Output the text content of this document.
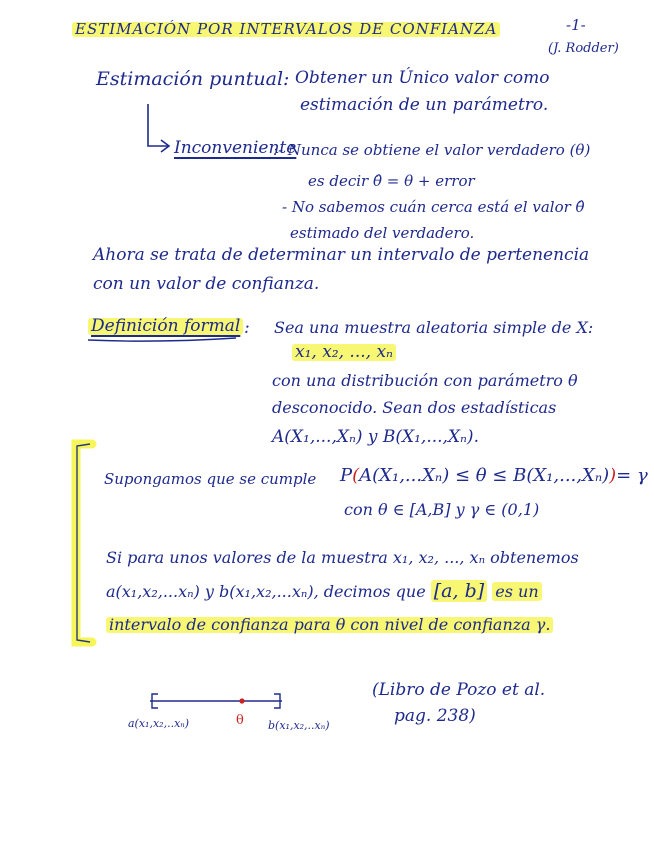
ESTIMACIÓN POR INTERVALOS DE CONFIANZA	-1-
(J. Rodder)
Estimación puntual: Obtener un Único valor como
estimación de un parámetro.
Inconveniente
:- Nunca se obtiene el valor verdadero (θ)
es decir θ̂ = θ + error
- No sabemos cuán cerca está el valor θ̂
estimado del verdadero.
Ahora se trata de determinar un intervalo de pertenencia
con un valor de confianza.
Definición formal : Sea una muestra aleatoria simple de X:
x₁, x₂, ..., xₙ
con una distribución con parámetro θ
desconocido. Sean dos estadísticas
A(X₁,...,Xₙ) y B(X₁,...,Xₙ).
Supongamos que se cumple P(A(X₁,...Xₙ) ≤ θ ≤ B(X₁,...,Xₙ))= γ
con θ ∈ [A,B] y γ ∈ (0,1)
Si para unos valores de la muestra x₁, x₂, ..., xₙ obtenemos
a(x₁,x₂,...xₙ) y b(x₁,x₂,...xₙ), decimos que [a, b] es un
intervalo de confianza para θ con nivel de confianza γ.
a(x₁,x₂,..xₙ)	θ b(x₁,x₂,..xₙ)
(Libro de Pozo et al.
pag. 238)
